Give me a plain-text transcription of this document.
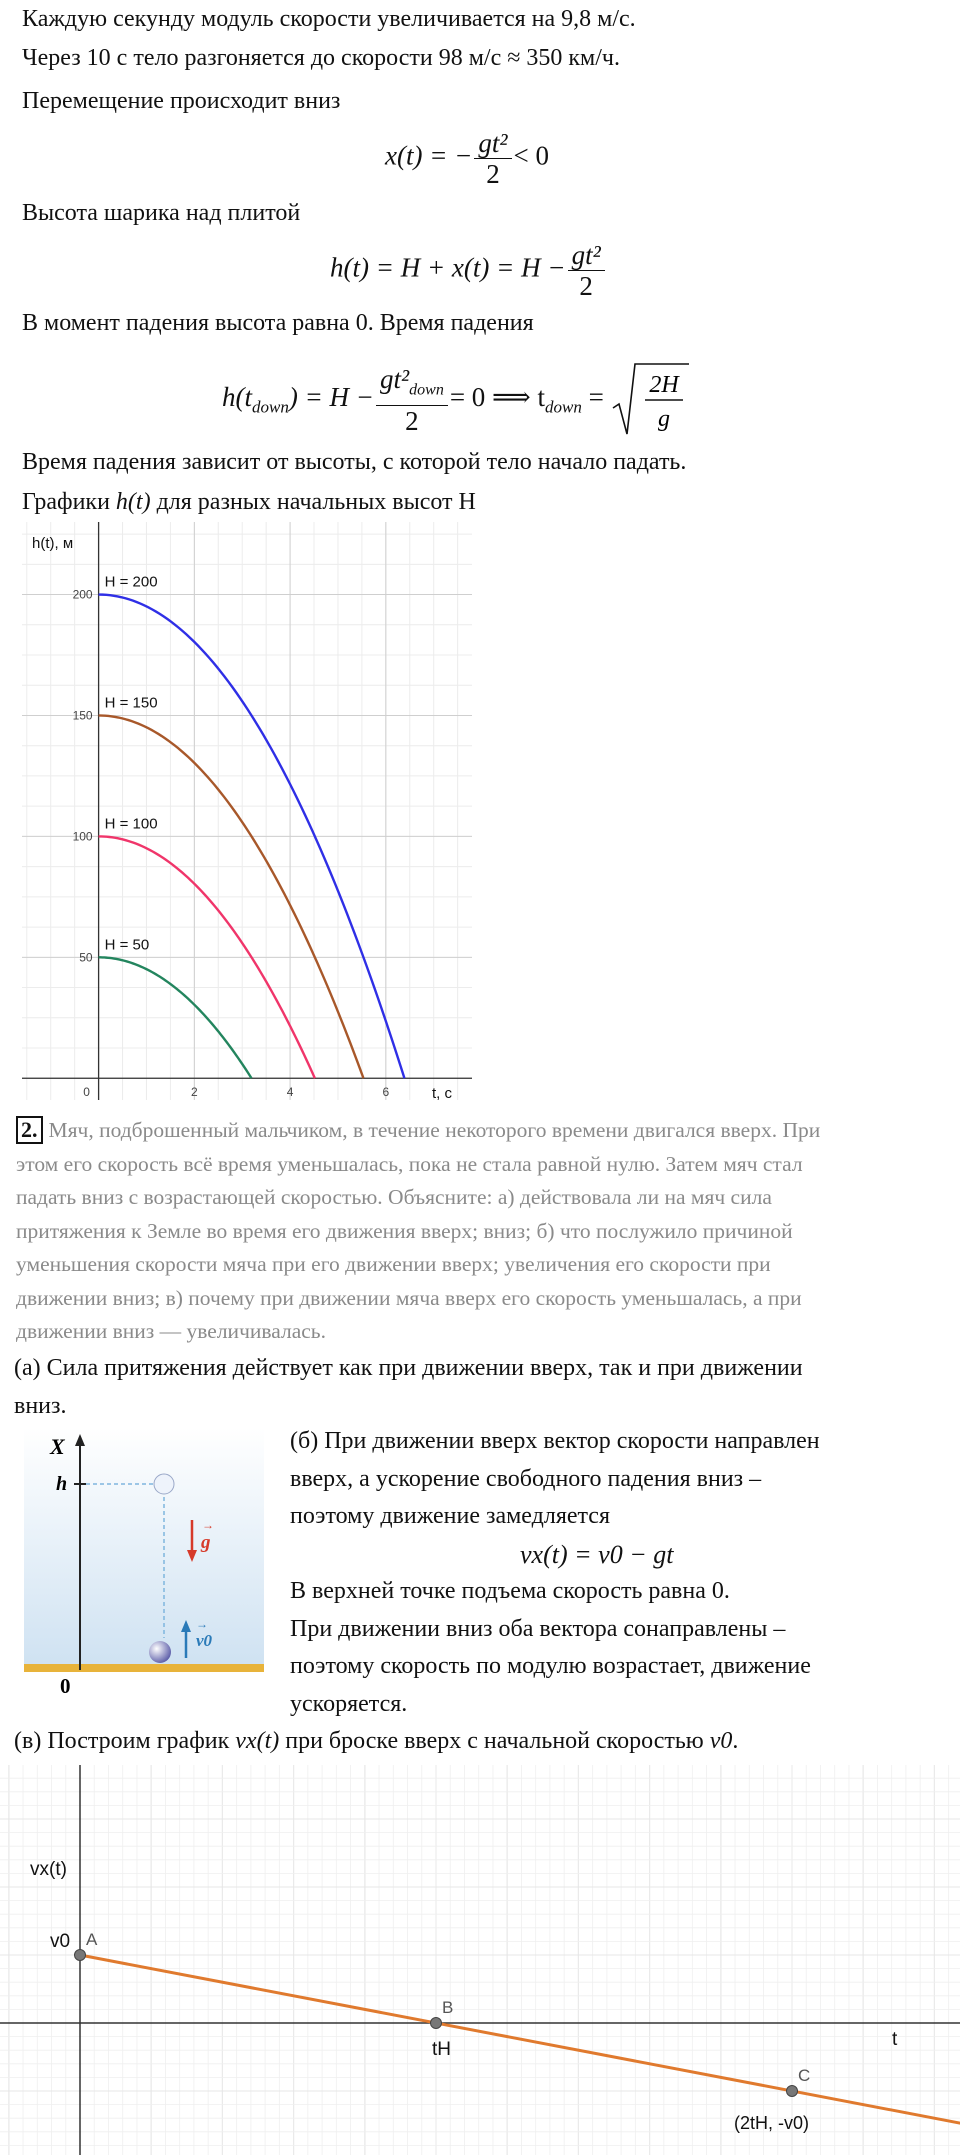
Каждую секунду модуль скорости увеличивается на 9,8 м/с.
Через 10 с тело разгоняется до скорости 98 м/с ≈ 350 км/ч.
Перемещение происходит вниз
x(t) = − $\frac{\text{gt²}}{2} < 0$
Высота шарика над плитой
$h(t) = H + x(t) = H - \frac{\text{gt²}}{2}$
В момент падения высота равна 0. Время падения
$h(t_{down}) = H - \frac{gt^2_{down}}{2} = 0$ ⟹ $t_{down} = 2H$
g
Время падения зависит от высоты, с которой тело начало падать.
Графики h(t) для разных начальных высот H
0	2	4	6
50
100
150
200
h(t), м
t, с
H = 200
H = 150
H = 100
H = 50
2. Мяч, подброшенный мальчиком, в течение некоторого времени двигался вверх. При
этом его скорость всё время уменьшалась, пока не стала равной нулю. Затем мяч стал
падать вниз с возрастающей скоростью. Объясните: а) действовала ли на мяч сила
притяжения к Земле во время его движения вверх; вниз; б) что послужило причиной
уменьшения скорости мяча при его движении вверх; увеличения его скорости при
движении вниз; в) почему при движении мяча вверх его скорость уменьшалась, а при
движении вниз — увеличивалась.
(а) Сила притяжения действует как при движении вверх, так и при движении
вниз.
X
h
g
→
v0
→
0
(б) При движении вверх вектор скорости направлен
вверх, а ускорение свободного падения вниз –
поэтому движение замедляется
vx(t) = v0 − gt
В верхней точке подъема скорость равна 0.
При движении вниз оба вектора сонаправлены –
поэтому скорость по модулю возрастает, движение
ускоряется.
(в) Построим график vx(t) при броске вверх с начальной скоростью v0.
A
B
C
vx(t)
v0
tH
(2tH, -v0)
t
